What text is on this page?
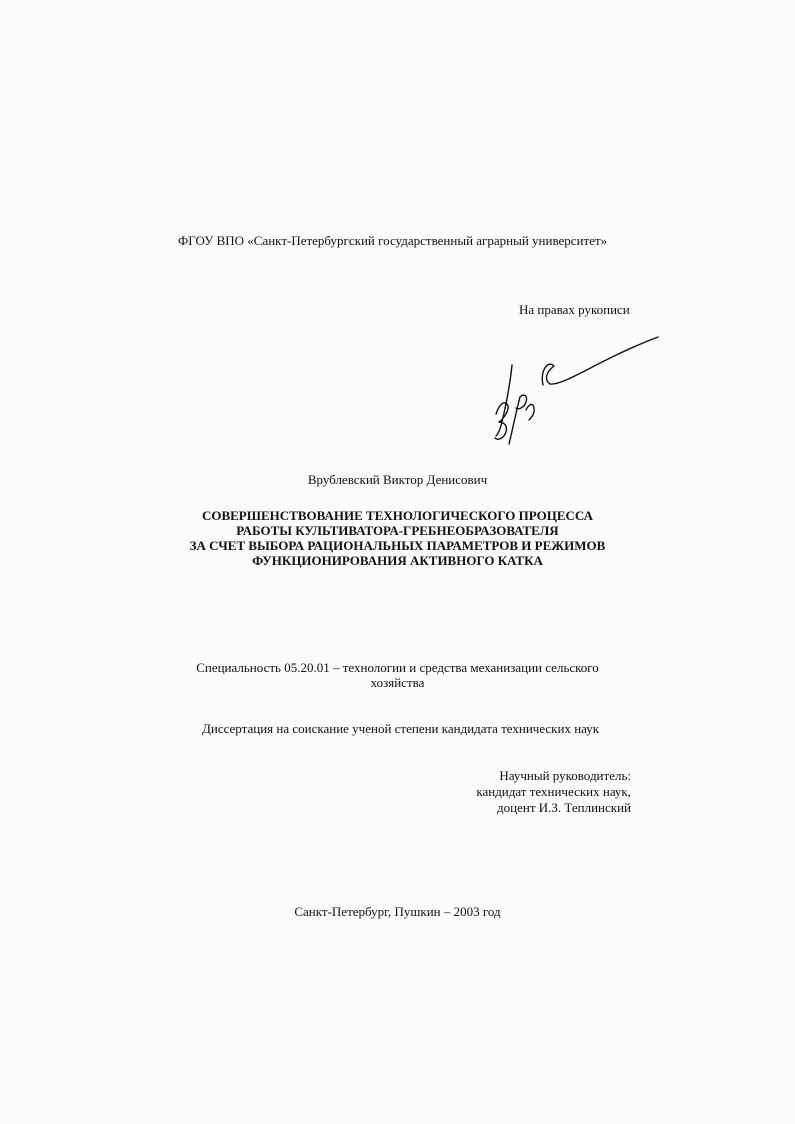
ФГОУ ВПО «Санкт-Петербургский государственный аграрный университет»
На правах рукописи
Врублевский Виктор Денисович
СОВЕРШЕНСТВОВАНИЕ ТЕХНОЛОГИЧЕСКОГО ПРОЦЕССА
РАБОТЫ КУЛЬТИВАТОРА-ГРЕБНЕОБРАЗОВАТЕЛЯ
ЗА СЧЕТ ВЫБОРА РАЦИОНАЛЬНЫХ ПАРАМЕТРОВ И РЕЖИМОВ
ФУНКЦИОНИРОВАНИЯ АКТИВНОГО КАТКА
Специальность 05.20.01 – технологии и средства механизации сельского
хозяйства
Диссертация на соискание ученой степени кандидата технических наук
Научный руководитель:
кандидат технических наук,
доцент И.З. Теплинский
Санкт-Петербург, Пушкин – 2003 год
